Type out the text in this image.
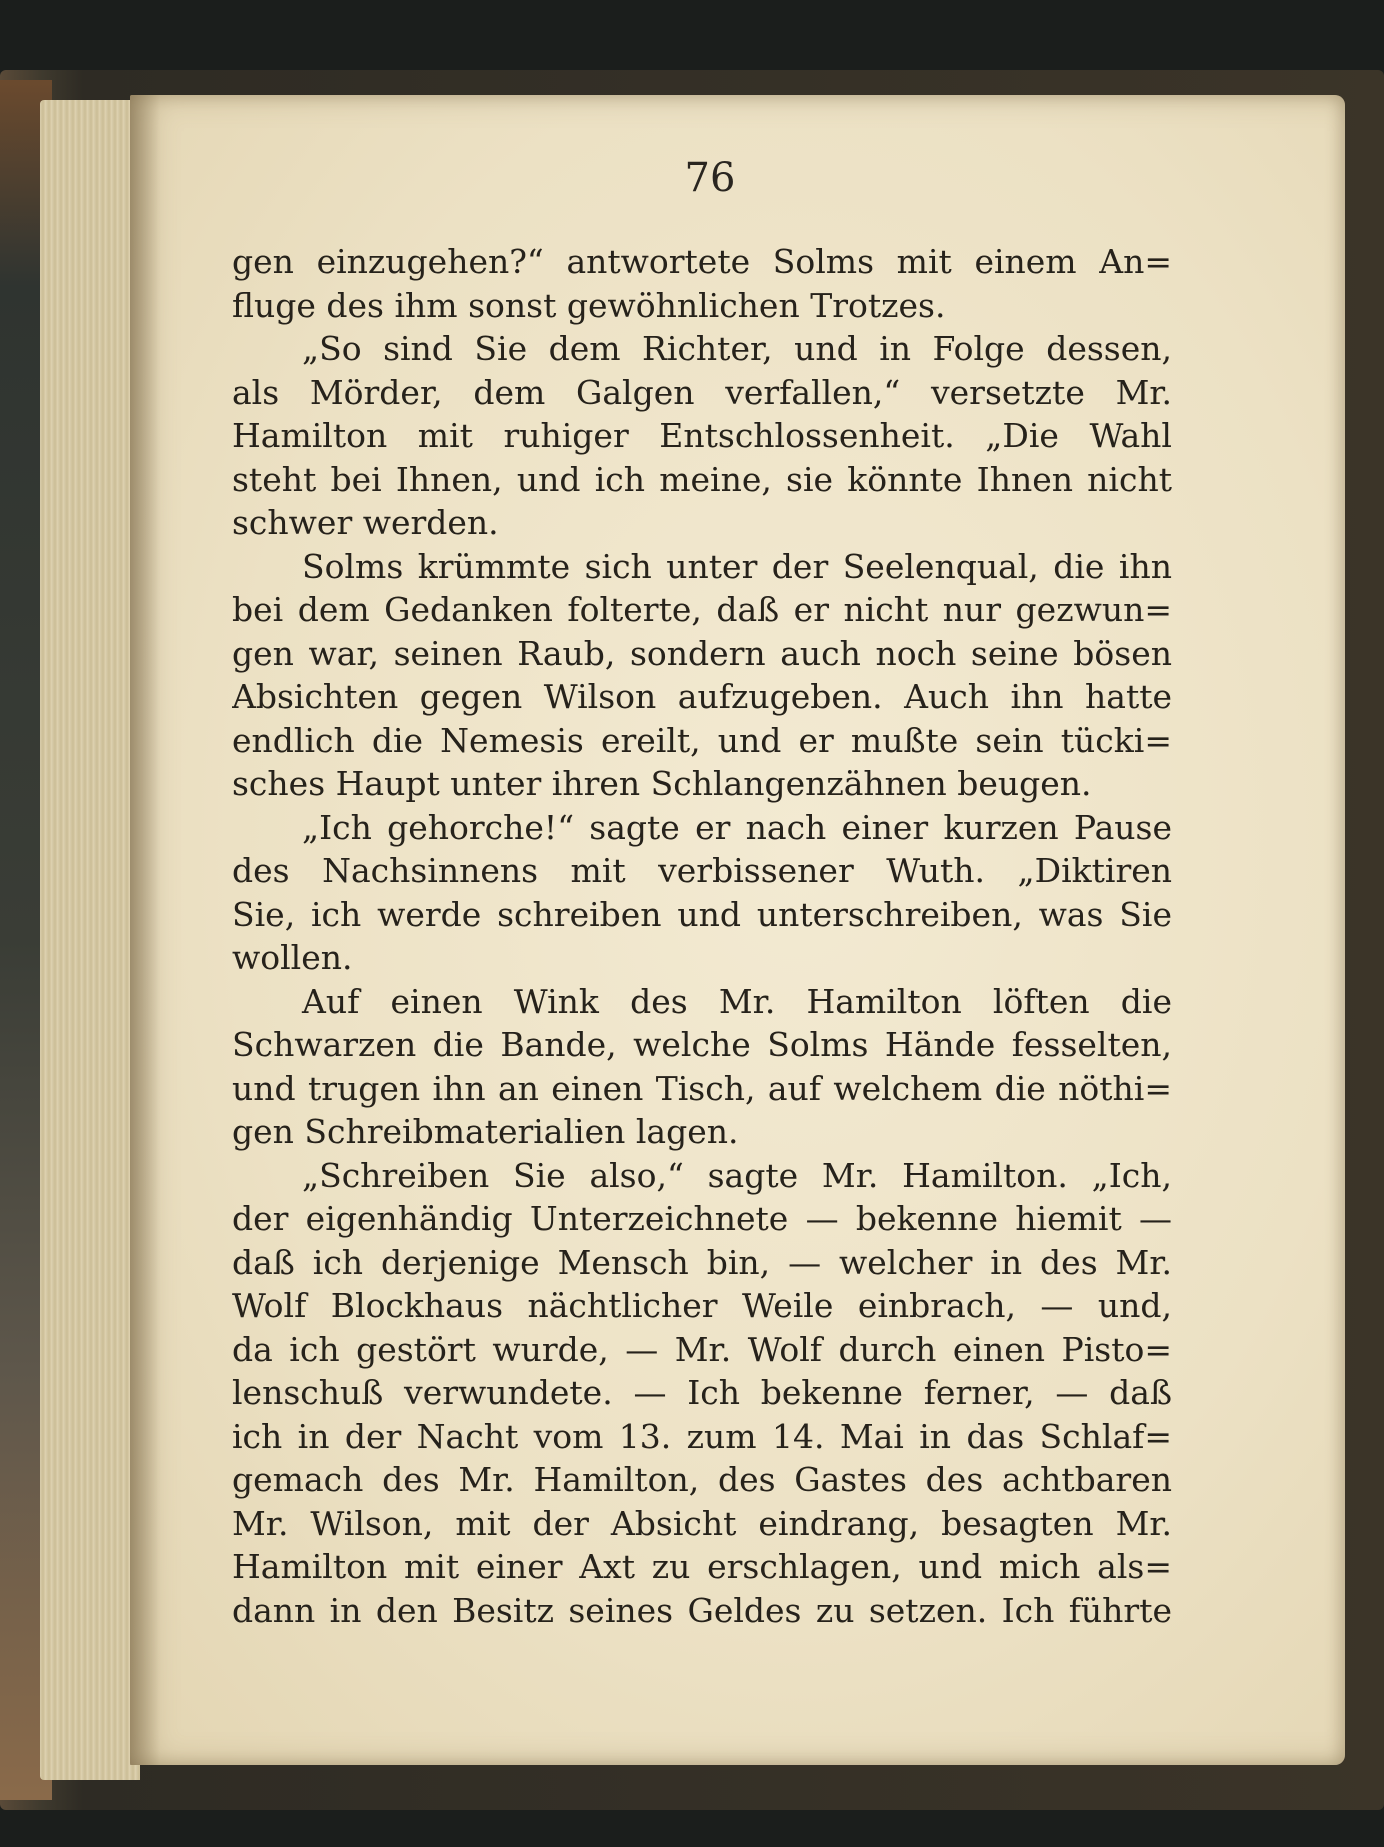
76
gen einzugehen?“ antwortete Solms mit einem An=
fluge des ihm sonst gewöhnlichen Trotzes.
„So sind Sie dem Richter, und in Folge dessen,
als Mörder, dem Galgen verfallen,“ versetzte Mr.
Hamilton mit ruhiger Entschlossenheit. „Die Wahl
steht bei Ihnen, und ich meine, sie könnte Ihnen nicht
schwer werden.
Solms krümmte sich unter der Seelenqual, die ihn
bei dem Gedanken folterte, daß er nicht nur gezwun=
gen war, seinen Raub, sondern auch noch seine bösen
Absichten gegen Wilson aufzugeben. Auch ihn hatte
endlich die Nemesis ereilt, und er mußte sein tücki=
sches Haupt unter ihren Schlangenzähnen beugen.
„Ich gehorche!“ sagte er nach einer kurzen Pause
des Nachsinnens mit verbissener Wuth. „Diktiren
Sie, ich werde schreiben und unterschreiben, was Sie
wollen.
Auf einen Wink des Mr. Hamilton löften die
Schwarzen die Bande, welche Solms Hände fesselten,
und trugen ihn an einen Tisch, auf welchem die nöthi=
gen Schreibmaterialien lagen.
„Schreiben Sie also,“ sagte Mr. Hamilton. „Ich,
der eigenhändig Unterzeichnete — bekenne hiemit —
daß ich derjenige Mensch bin, — welcher in des Mr.
Wolf Blockhaus nächtlicher Weile einbrach, — und,
da ich gestört wurde, — Mr. Wolf durch einen Pisto=
lenschuß verwundete. — Ich bekenne ferner, — daß
ich in der Nacht vom 13. zum 14. Mai in das Schlaf=
gemach des Mr. Hamilton, des Gastes des achtbaren
Mr. Wilson, mit der Absicht eindrang, besagten Mr.
Hamilton mit einer Axt zu erschlagen, und mich als=
dann in den Besitz seines Geldes zu setzen. Ich führte
